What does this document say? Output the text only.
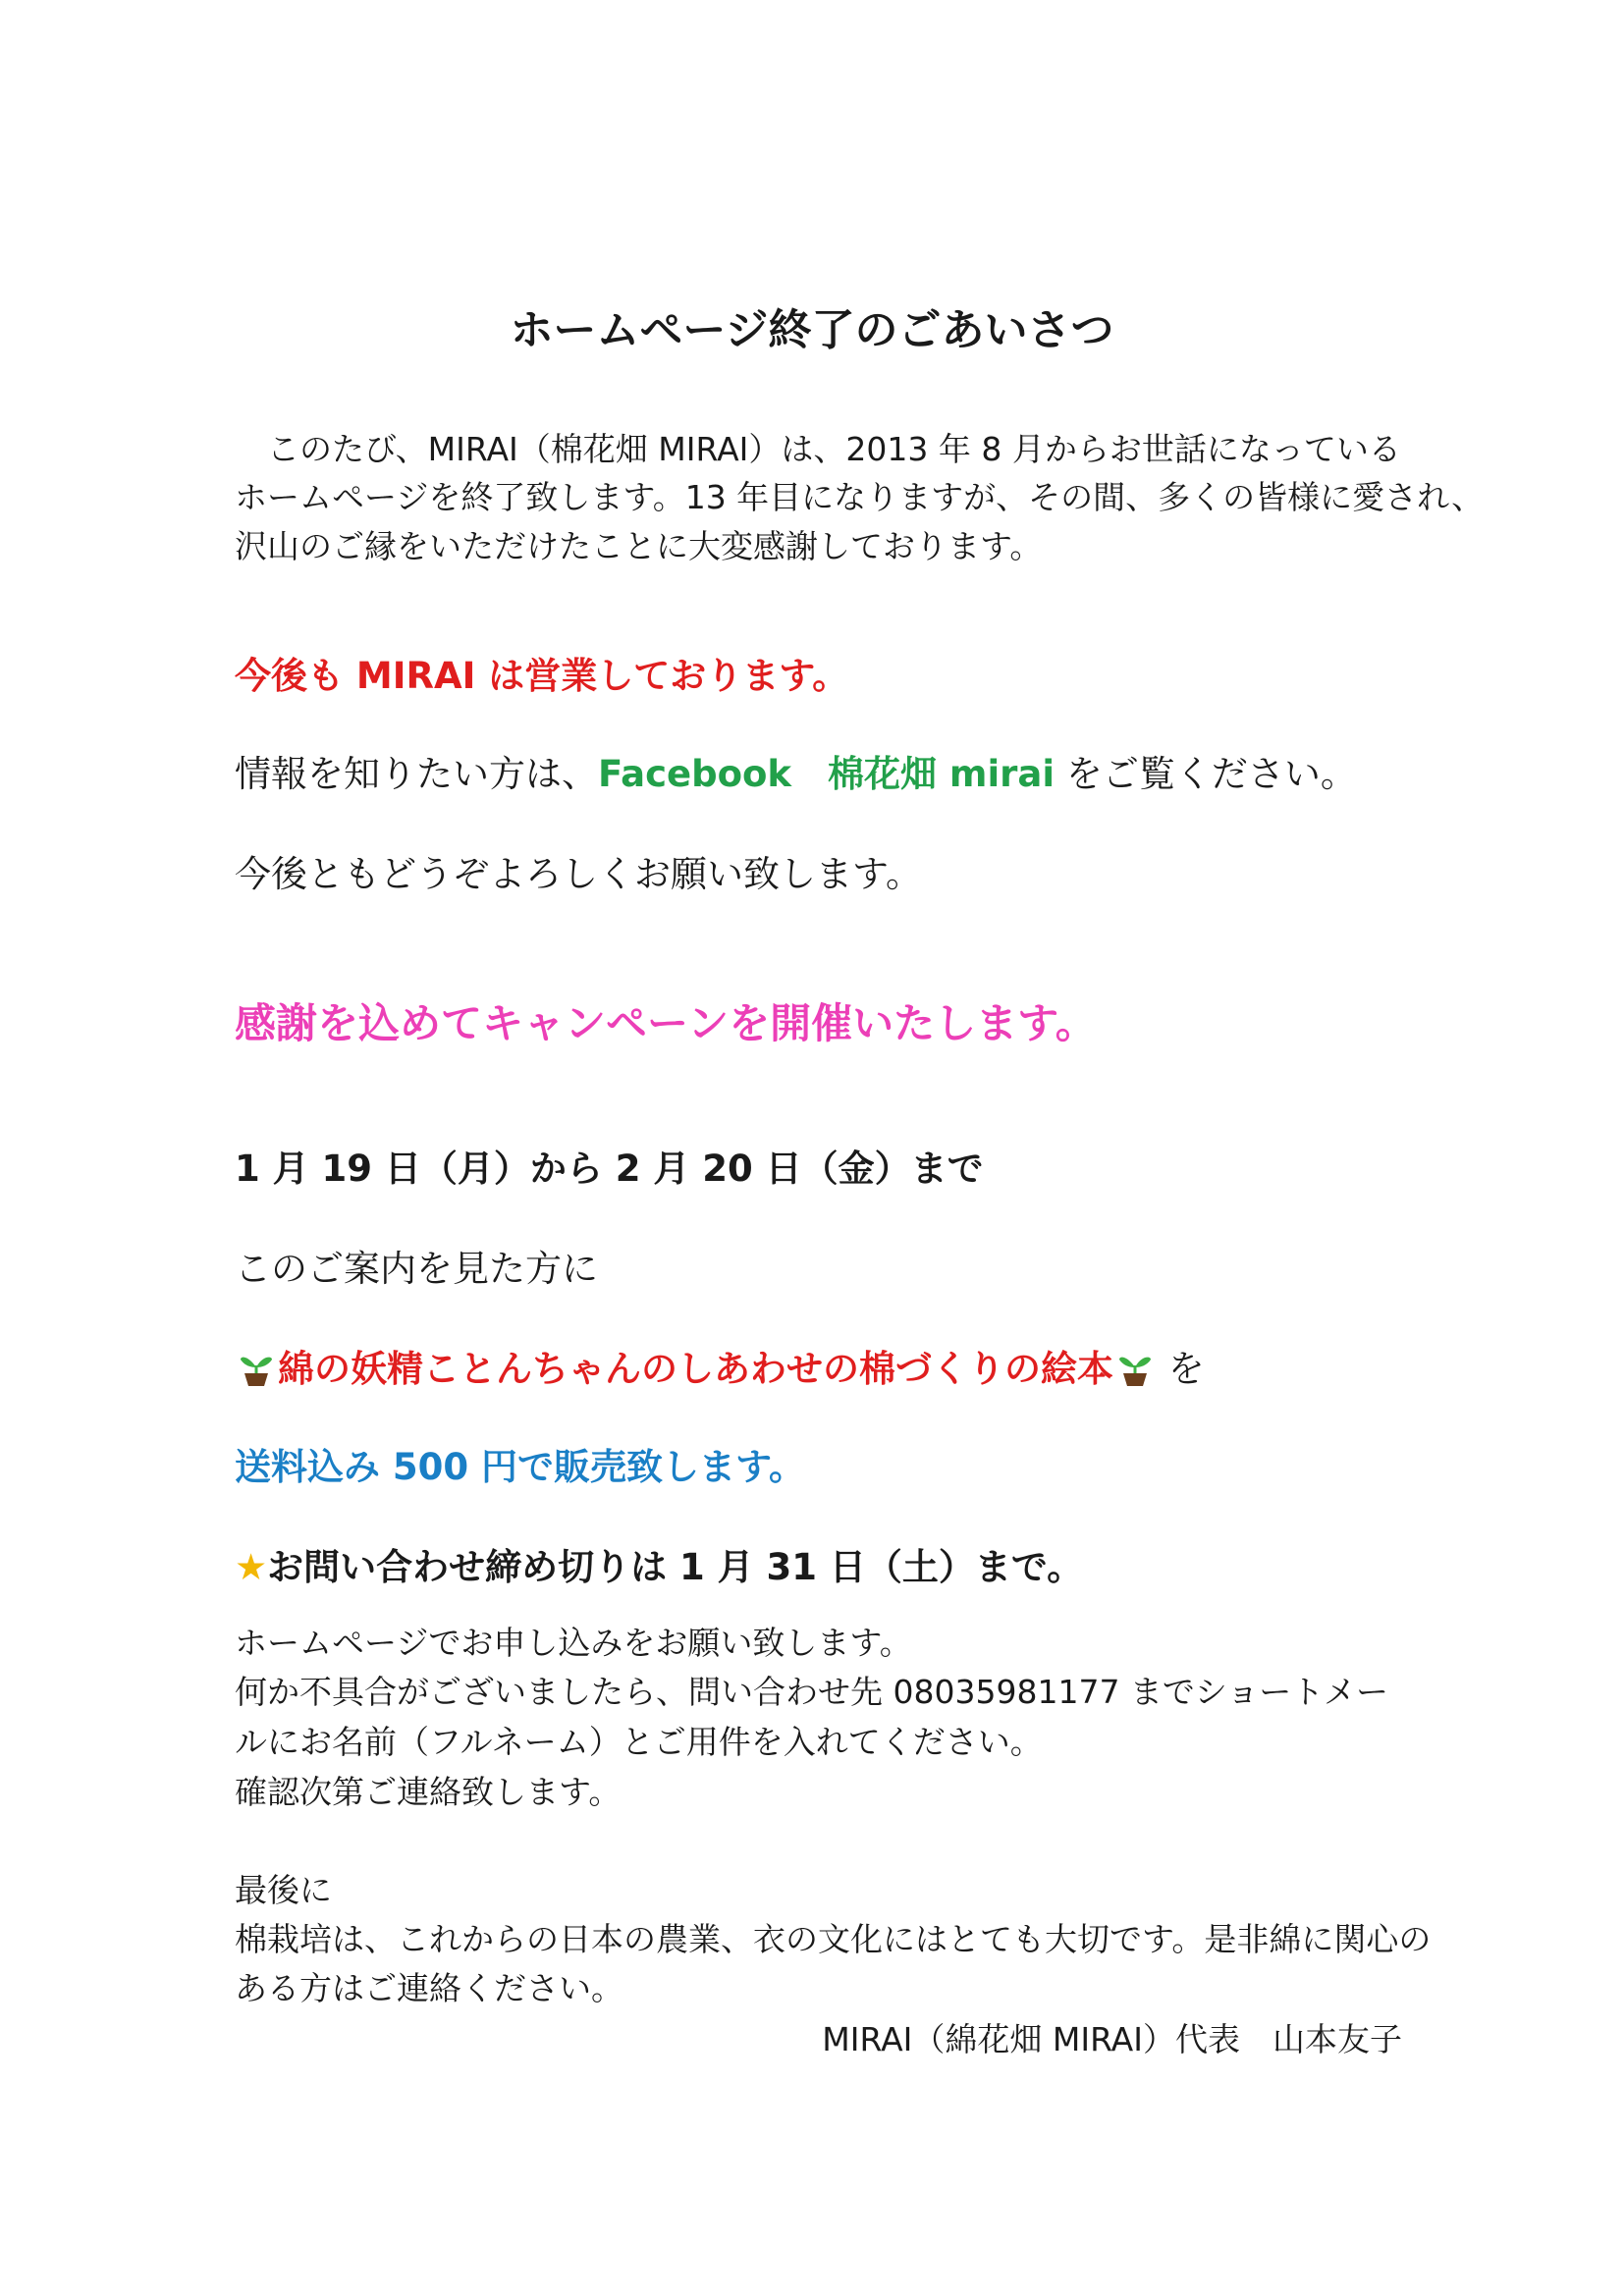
ホームページ終了のごあいさつ

　このたび、MIRAI（棉花畑 MIRAI）は、2013 年 8 月からお世話になっている

ホームページを終了致します。13 年目になりますが、その間、多くの皆様に愛され、

沢山のご縁をいただけたことに大変感謝しております。

今後も MIRAI は営業しております。

情報を知りたい方は、Facebook　棉花畑 mirai をご覧ください。

今後ともどうぞよろしくお願い致します。

感謝を込めてキャンペーンを開催いたします。

1 月 19 日（月）から 2 月 20 日（金）まで

このご案内を見た方に

綿の妖精ことんちゃんのしあわせの棉づくりの絵本 を

送料込み 500 円で販売致します。

★お問い合わせ締め切りは 1 月 31 日（土）まで。

ホームページでお申し込みをお願い致します。

何か不具合がございましたら、問い合わせ先 08035981177 までショートメー

ルにお名前（フルネーム）とご用件を入れてください。

確認次第ご連絡致します。

最後に

棉栽培は、これからの日本の農業、衣の文化にはとても大切です。是非綿に関心の

ある方はご連絡ください。

MIRAI（綿花畑 MIRAI）代表　山本友子
